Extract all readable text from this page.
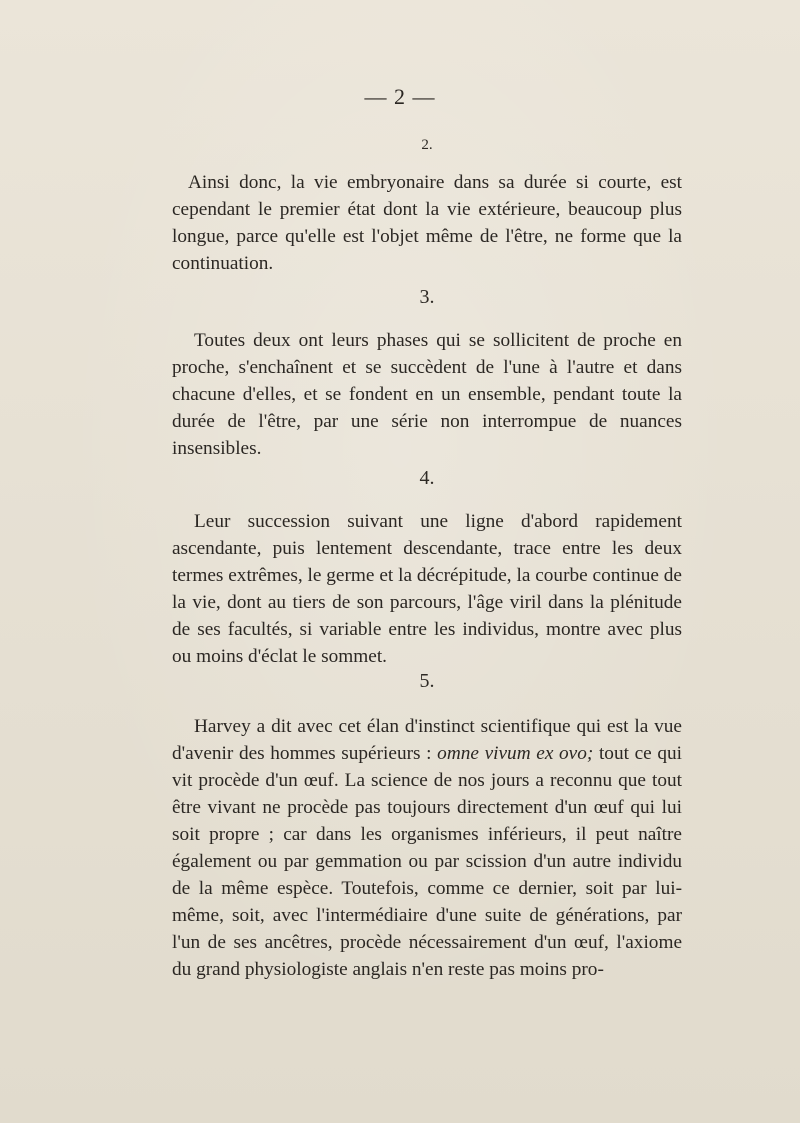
— 2 —

2.

Ainsi donc, la vie embryonaire dans sa durée si courte, est cependant le premier état dont la vie extérieure, beaucoup plus longue, parce qu'elle est l'objet même de l'être, ne forme que la continuation.

3.

Toutes deux ont leurs phases qui se sollicitent de proche en proche, s'enchaînent et se succèdent de l'une à l'autre et dans chacune d'elles, et se fondent en un ensemble, pendant toute la durée de l'être, par une série non interrompue de nuances insensibles.

4.

Leur succession suivant une ligne d'abord rapidement ascendante, puis lentement descendante, trace entre les deux termes extrêmes, le germe et la décrépitude, la courbe continue de la vie, dont au tiers de son parcours, l'âge viril dans la plénitude de ses facultés, si variable entre les individus, montre avec plus ou moins d'éclat le sommet.

5.

Harvey a dit avec cet élan d'instinct scientifique qui est la vue d'avenir des hommes supérieurs : omne vivum ex ovo; tout ce qui vit procède d'un œuf. La science de nos jours a reconnu que tout être vivant ne procède pas toujours directement d'un œuf qui lui soit propre ; car dans les organismes inférieurs, il peut naître également ou par gemmation ou par scission d'un autre individu de la même espèce. Toutefois, comme ce dernier, soit par lui-même, soit, avec l'intermédiaire d'une suite de générations, par l'un de ses ancêtres, procède nécessairement d'un œuf, l'axiome du grand physiologiste anglais n'en reste pas moins pro-
